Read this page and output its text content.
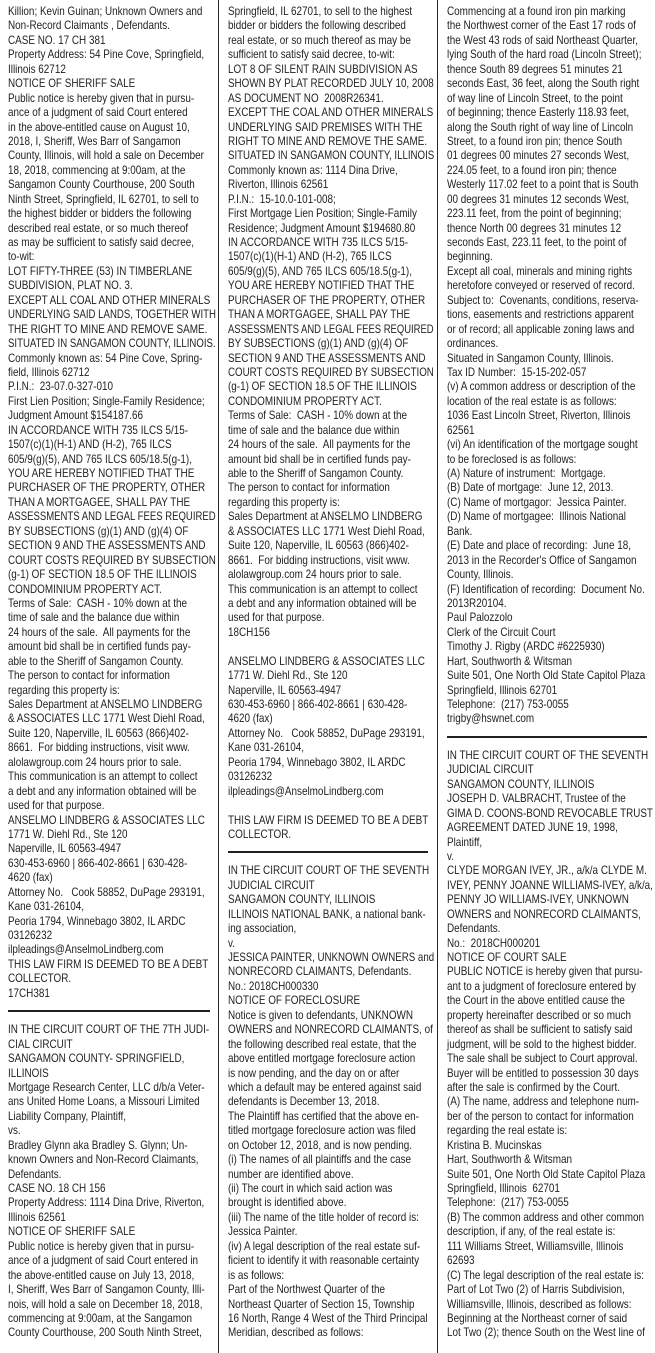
Killion; Kevin Guinan; Unknown Owners and
Non-Record Claimants , Defendants.
CASE NO. 17 CH 381
Property Address: 54 Pine Cove, Springfield,
Illinois 62712
NOTICE OF SHERIFF SALE
Public notice is hereby given that in pursu-
ance of a judgment of said Court entered
in the above-entitled cause on August 10,
2018, I, Sheriff, Wes Barr of Sangamon
County, Illinois, will hold a sale on December
18, 2018, commencing at 9:00am, at the
Sangamon County Courthouse, 200 South
Ninth Street, Springfield, IL 62701, to sell to
the highest bidder or bidders the following
described real estate, or so much thereof
as may be sufficient to satisfy said decree,
to-wit:
LOT FIFTY-THREE (53) IN TIMBERLANE
SUBDIVISION, PLAT NO. 3.
EXCEPT ALL COAL AND OTHER MINERALS
UNDERLYING SAID LANDS, TOGETHER WITH
THE RIGHT TO MINE AND REMOVE SAME.
SITUATED IN SANGAMON COUNTY, ILLINOIS.
Commonly known as: 54 Pine Cove, Spring-
field, Illinois 62712
P.I.N.:  23-07.0-327-010
First Lien Position; Single-Family Residence;
Judgment Amount $154187.66
IN ACCORDANCE WITH 735 ILCS 5/15-
1507(c)(1)(H-1) AND (H-2), 765 ILCS
605/9(g)(5), AND 765 ILCS 605/18.5(g-1),
YOU ARE HEREBY NOTIFIED THAT THE
PURCHASER OF THE PROPERTY, OTHER
THAN A MORTGAGEE, SHALL PAY THE
ASSESSMENTS AND LEGAL FEES REQUIRED
BY SUBSECTIONS (g)(1) AND (g)(4) OF
SECTION 9 AND THE ASSESSMENTS AND
COURT COSTS REQUIRED BY SUBSECTION
(g-1) OF SECTION 18.5 OF THE ILLINOIS
CONDOMINIUM PROPERTY ACT.
Terms of Sale:  CASH - 10% down at the
time of sale and the balance due within
24 hours of the sale.  All payments for the
amount bid shall be in certified funds pay-
able to the Sheriff of Sangamon County.
The person to contact for information
regarding this property is:
Sales Department at ANSELMO LINDBERG
& ASSOCIATES LLC 1771 West Diehl Road,
Suite 120, Naperville, IL 60563 (866)402-
8661.  For bidding instructions, visit www.
alolawgroup.com 24 hours prior to sale.
This communication is an attempt to collect
a debt and any information obtained will be
used for that purpose.
ANSELMO LINDBERG & ASSOCIATES LLC
1771 W. Diehl Rd., Ste 120
Naperville, IL 60563-4947
630-453-6960 | 866-402-8661 | 630-428-
4620 (fax)
Attorney No.   Cook 58852, DuPage 293191,
Kane 031-26104,
Peoria 1794, Winnebago 3802, IL ARDC
03126232
ilpleadings@AnselmoLindberg.com
THIS LAW FIRM IS DEEMED TO BE A DEBT
COLLECTOR.
17CH381
IN THE CIRCUIT COURT OF THE 7TH JUDI-
CIAL CIRCUIT
SANGAMON COUNTY- SPRINGFIELD,
ILLINOIS
Mortgage Research Center, LLC d/b/a Veter-
ans United Home Loans, a Missouri Limited
Liability Company, Plaintiff,
vs.
Bradley Glynn aka Bradley S. Glynn; Un-
known Owners and Non-Record Claimants,
Defendants.
CASE NO. 18 CH 156
Property Address: 1114 Dina Drive, Riverton,
Illinois 62561
NOTICE OF SHERIFF SALE
Public notice is hereby given that in pursu-
ance of a judgment of said Court entered in
the above-entitled cause on July 13, 2018,
I, Sheriff, Wes Barr of Sangamon County, Illi-
nois, will hold a sale on December 18, 2018,
commencing at 9:00am, at the Sangamon
County Courthouse, 200 South Ninth Street,
Springfield, IL 62701, to sell to the highest
bidder or bidders the following described
real estate, or so much thereof as may be
sufficient to satisfy said decree, to-wit:
LOT 8 OF SILENT RAIN SUBDIVISION AS
SHOWN BY PLAT RECORDED JULY 10, 2008
AS DOCUMENT NO  2008R26341.
EXCEPT THE COAL AND OTHER MINERALS
UNDERLYING SAID PREMISES WITH THE
RIGHT TO MINE AND REMOVE THE SAME.
SITUATED IN SANGAMON COUNTY, ILLINOIS
Commonly known as: 1114 Dina Drive,
Riverton, Illinois 62561
P.I.N.:  15-10.0-101-008;
First Mortgage Lien Position; Single-Family
Residence; Judgment Amount $194680.80
IN ACCORDANCE WITH 735 ILCS 5/15-
1507(c)(1)(H-1) AND (H-2), 765 ILCS
605/9(g)(5), AND 765 ILCS 605/18.5(g-1),
YOU ARE HEREBY NOTIFIED THAT THE
PURCHASER OF THE PROPERTY, OTHER
THAN A MORTGAGEE, SHALL PAY THE
ASSESSMENTS AND LEGAL FEES REQUIRED
BY SUBSECTIONS (g)(1) AND (g)(4) OF
SECTION 9 AND THE ASSESSMENTS AND
COURT COSTS REQUIRED BY SUBSECTION
(g-1) OF SECTION 18.5 OF THE ILLINOIS
CONDOMINIUM PROPERTY ACT.
Terms of Sale:  CASH - 10% down at the
time of sale and the balance due within
24 hours of the sale.  All payments for the
amount bid shall be in certified funds pay-
able to the Sheriff of Sangamon County.
The person to contact for information
regarding this property is:
Sales Department at ANSELMO LINDBERG
& ASSOCIATES LLC 1771 West Diehl Road,
Suite 120, Naperville, IL 60563 (866)402-
8661.  For bidding instructions, visit www.
alolawgroup.com 24 hours prior to sale.
This communication is an attempt to collect
a debt and any information obtained will be
used for that purpose.
18CH156
ANSELMO LINDBERG & ASSOCIATES LLC
1771 W. Diehl Rd., Ste 120
Naperville, IL 60563-4947
630-453-6960 | 866-402-8661 | 630-428-
4620 (fax)
Attorney No.   Cook 58852, DuPage 293191,
Kane 031-26104,
Peoria 1794, Winnebago 3802, IL ARDC
03126232
ilpleadings@AnselmoLindberg.com
THIS LAW FIRM IS DEEMED TO BE A DEBT
COLLECTOR.
IN THE CIRCUIT COURT OF THE SEVENTH
JUDICIAL CIRCUIT
SANGAMON COUNTY, ILLINOIS
ILLINOIS NATIONAL BANK, a national bank-
ing association,
v.
JESSICA PAINTER, UNKNOWN OWNERS and
NONRECORD CLAIMANTS, Defendants.
No.: 2018CH000330
NOTICE OF FORECLOSURE
Notice is given to defendants, UNKNOWN
OWNERS and NONRECORD CLAIMANTS, of
the following described real estate, that the
above entitled mortgage foreclosure action
is now pending, and the day on or after
which a default may be entered against said
defendants is December 13, 2018.
The Plaintiff has certified that the above en-
titled mortgage foreclosure action was filed
on October 12, 2018, and is now pending.
(i) The names of all plaintiffs and the case
number are identified above.
(ii) The court in which said action was
brought is identified above.
(iii) The name of the title holder of record is:
Jessica Painter.
(iv) A legal description of the real estate suf-
ficient to identify it with reasonable certainty
is as follows:
Part of the Northwest Quarter of the
Northeast Quarter of Section 15, Township
16 North, Range 4 West of the Third Principal
Meridian, described as follows:
Commencing at a found iron pin marking
the Northwest corner of the East 17 rods of
the West 43 rods of said Northeast Quarter,
lying South of the hard road (Lincoln Street);
thence South 89 degrees 51 minutes 21
seconds East, 36 feet, along the South right
of way line of Lincoln Street, to the point
of beginning; thence Easterly 118.93 feet,
along the South right of way line of Lincoln
Street, to a found iron pin; thence South
01 degrees 00 minutes 27 seconds West,
224.05 feet, to a found iron pin; thence
Westerly 117.02 feet to a point that is South
00 degrees 31 minutes 12 seconds West,
223.11 feet, from the point of beginning;
thence North 00 degrees 31 minutes 12
seconds East, 223.11 feet, to the point of
beginning.
Except all coal, minerals and mining rights
heretofore conveyed or reserved of record.
Subject to:  Covenants, conditions, reserva-
tions, easements and restrictions apparent
or of record; all applicable zoning laws and
ordinances.
Situated in Sangamon County, Illinois.
Tax ID Number:  15-15-202-057
(v) A common address or description of the
location of the real estate is as follows:
1036 East Lincoln Street, Riverton, Illinois
62561
(vi) An identification of the mortgage sought
to be foreclosed is as follows:
(A) Nature of instrument:  Mortgage.
(B) Date of mortgage:  June 12, 2013.
(C) Name of mortgagor:  Jessica Painter.
(D) Name of mortgagee:  Illinois National
Bank.
(E) Date and place of recording:  June 18,
2013 in the Recorder's Office of Sangamon
County, Illinois.
(F) Identification of recording:  Document No.
2013R20104.
Paul Palozzolo
Clerk of the Circuit Court
Timothy J. Rigby (ARDC #6225930)
Hart, Southworth & Witsman
Suite 501, One North Old State Capitol Plaza
Springfield, Illinois 62701
Telephone:  (217) 753-0055
trigby@hswnet.com
IN THE CIRCUIT COURT OF THE SEVENTH
JUDICIAL CIRCUIT
SANGAMON COUNTY, ILLINOIS
JOSEPH D. VALBRACHT, Trustee of the
GIMA D. COONS-BOND REVOCABLE TRUST
AGREEMENT DATED JUNE 19, 1998,
Plaintiff,
v.
CLYDE MORGAN IVEY, JR., a/k/a CLYDE M.
IVEY, PENNY JOANNE WILLIAMS-IVEY, a/k/a,
PENNY JO WILLIAMS-IVEY, UNKNOWN
OWNERS and NONRECORD CLAIMANTS,
Defendants.
No.:  2018CH000201
NOTICE OF COURT SALE
PUBLIC NOTICE is hereby given that pursu-
ant to a judgment of foreclosure entered by
the Court in the above entitled cause the
property hereinafter described or so much
thereof as shall be sufficient to satisfy said
judgment, will be sold to the highest bidder.
The sale shall be subject to Court approval.
Buyer will be entitled to possession 30 days
after the sale is confirmed by the Court.
(A) The name, address and telephone num-
ber of the person to contact for information
regarding the real estate is:
Kristina B. Mucinskas
Hart, Southworth & Witsman
Suite 501, One North Old State Capitol Plaza
Springfield, Illinois  62701
Telephone:  (217) 753-0055
(B) The common address and other common
description, if any, of the real estate is:
111 Williams Street, Williamsville, Illinois
62693
(C) The legal description of the real estate is:
Part of Lot Two (2) of Harris Subdivision,
Williamsville, Illinois, described as follows:
Beginning at the Northeast corner of said
Lot Two (2); thence South on the West line of
